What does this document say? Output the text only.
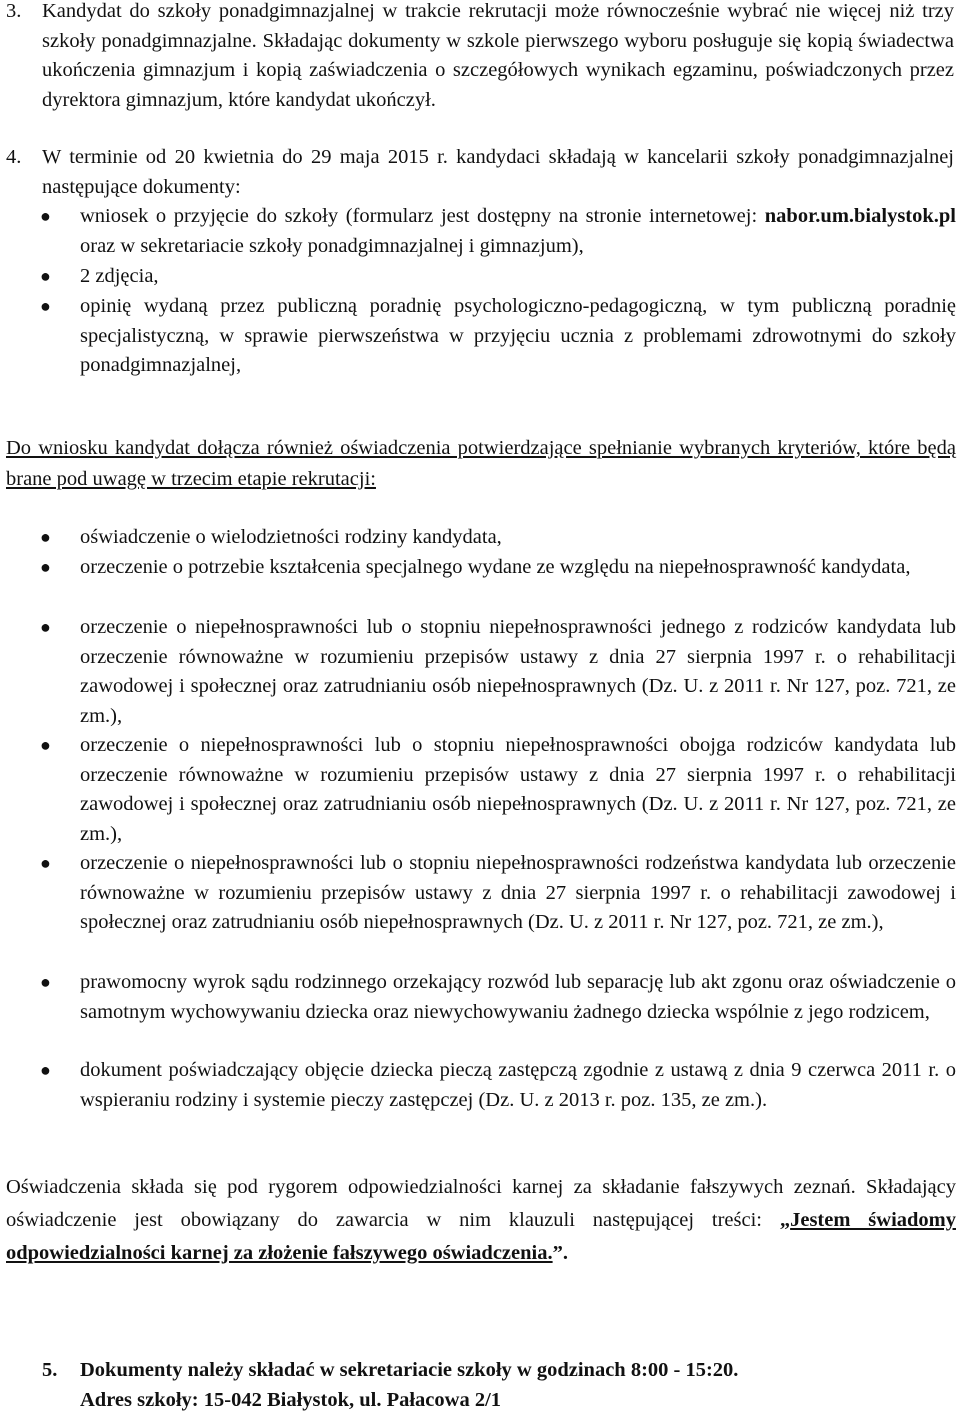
3. Kandydat do szkoły ponadgimnazjalnej w trakcie rekrutacji może równocześnie wybrać nie więcej niż trzy szkoły ponadgimnazjalne. Składając dokumenty w szkole pierwszego wyboru posługuje się kopią świadectwa ukończenia gimnazjum i kopią zaświadczenia o szczegółowych wynikach egzaminu, poświadczonych przez dyrektora gimnazjum, które kandydat ukończył.
4. W terminie od 20 kwietnia do 29 maja 2015 r. kandydaci składają w kancelarii szkoły ponadgimnazjalnej następujące dokumenty:
● wniosek o przyjęcie do szkoły (formularz jest dostępny na stronie internetowej: nabor.um.bialystok.pl oraz w sekretariacie szkoły ponadgimnazjalnej i gimnazjum),
● 2 zdjęcia,
● opinię wydaną przez publiczną poradnię psychologiczno-pedagogiczną, w tym publiczną poradnię specjalistyczną, w sprawie pierwszeństwa w przyjęciu ucznia z problemami zdrowotnymi do szkoły ponadgimnazjalnej,
Do wniosku kandydat dołącza również oświadczenia potwierdzające spełnianie wybranych kryteriów, które będą brane pod uwagę w trzecim etapie rekrutacji:
● oświadczenie o wielodzietności rodziny kandydata,
● orzeczenie o potrzebie kształcenia specjalnego wydane ze względu na niepełnosprawność kandydata,
● orzeczenie o niepełnosprawności lub o stopniu niepełnosprawności jednego z rodziców kandydata lub orzeczenie równoważne w rozumieniu przepisów ustawy z dnia 27 sierpnia 1997 r. o rehabilitacji zawodowej i społecznej oraz zatrudnianiu osób niepełnosprawnych (Dz. U. z 2011 r. Nr 127, poz. 721, ze zm.),
● orzeczenie o niepełnosprawności lub o stopniu niepełnosprawności obojga rodziców kandydata lub orzeczenie równoważne w rozumieniu przepisów ustawy z dnia 27 sierpnia 1997 r. o rehabilitacji zawodowej i społecznej oraz zatrudnianiu osób niepełnosprawnych (Dz. U. z 2011 r. Nr 127, poz. 721, ze zm.),
● orzeczenie o niepełnosprawności lub o stopniu niepełnosprawności rodzeństwa kandydata lub orzeczenie równoważne w rozumieniu przepisów ustawy z dnia 27 sierpnia 1997 r. o rehabilitacji zawodowej i społecznej oraz zatrudnianiu osób niepełnosprawnych (Dz. U. z 2011 r. Nr 127, poz. 721, ze zm.),
● prawomocny wyrok sądu rodzinnego orzekający rozwód lub separację lub akt zgonu oraz oświadczenie o samotnym wychowywaniu dziecka oraz niewychowywaniu żadnego dziecka wspólnie z jego rodzicem,
● dokument poświadczający objęcie dziecka pieczą zastępczą zgodnie z ustawą z dnia 9 czerwca 2011 r. o wspieraniu rodziny i systemie pieczy zastępczej (Dz. U. z 2013 r. poz. 135, ze zm.).
Oświadczenia składa się pod rygorem odpowiedzialności karnej za składanie fałszywych zeznań. Składający oświadczenie jest obowiązany do zawarcia w nim klauzuli następującej treści: „Jestem świadomy odpowiedzialności karnej za złożenie fałszywego oświadczenia.”.
5. Dokumenty należy składać w sekretariacie szkoły w godzinach 8:00 - 15:20.
Adres szkoły: 15-042 Białystok, ul. Pałacowa 2/1
